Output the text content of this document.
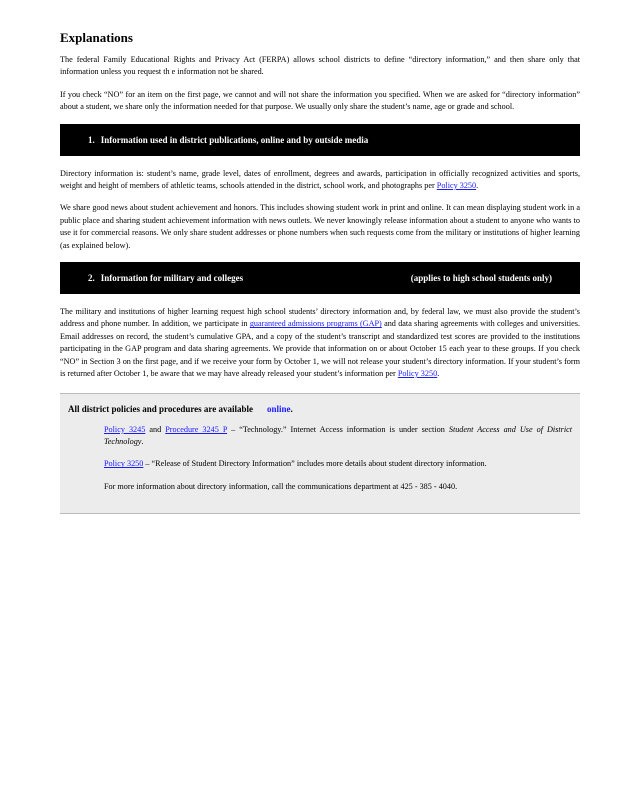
Explanations

The federal Family Educational Rights and Privacy Act (FERPA) allows school districts to define “directory information,” and then share only that information unless you request th e information not be shared.

If you check “NO” for an item on the first page, we cannot and will not share the information you specified. When we are asked for “directory information” about a student, we share only the information needed for that purpose. We usually only share the student’s name, age or grade and school.

1. Information used in district publications, online and by outside media

Directory information is: student’s name, grade level, dates of enrollment, degrees and awards, participation in officially recognized activities and sports, weight and height of members of athletic teams, schools attended in the district, school work, and photographs per Policy 3250.

We share good news about student achievement and honors. This includes showing student work in print and online. It can mean displaying student work in a public place and sharing student achievement information with news outlets. We never knowingly release information about a student to anyone who wants to use it for commercial reasons. We only share student addresses or phone numbers when such requests come from the military or institutions of higher learning (as explained below).

2. Information for military and colleges	(applies to high school students only)

The military and institutions of higher learning request high school students’ directory information and, by federal law, we must also provide the student’s address and phone number. In addition, we participate in guaranteed admissions programs (GAP) and data sharing agreements with colleges and universities. Email addresses on record, the student’s cumulative GPA, and a copy of the student’s transcript and standardized test scores are provided to the institutions participating in the GAP program and data sharing agreements. We provide that information on or about October 15 each year to these groups. If you check “NO” in Section 3 on the first page, and if we receive your form by October 1, we will not release your student’s directory information. If your student’s form is returned after October 1, be aware that we may have already released your student’s information per Policy 3250.

All district policies and procedures are available online.
Policy 3245 and Procedure 3245 P – “Technology.” Internet Access information is under section Student Access and Use of District Technology.
Policy 3250 – “Release of Student Directory Information” includes more details about student directory information.
For more information about directory information, call the communications department at 425 - 385 - 4040.
